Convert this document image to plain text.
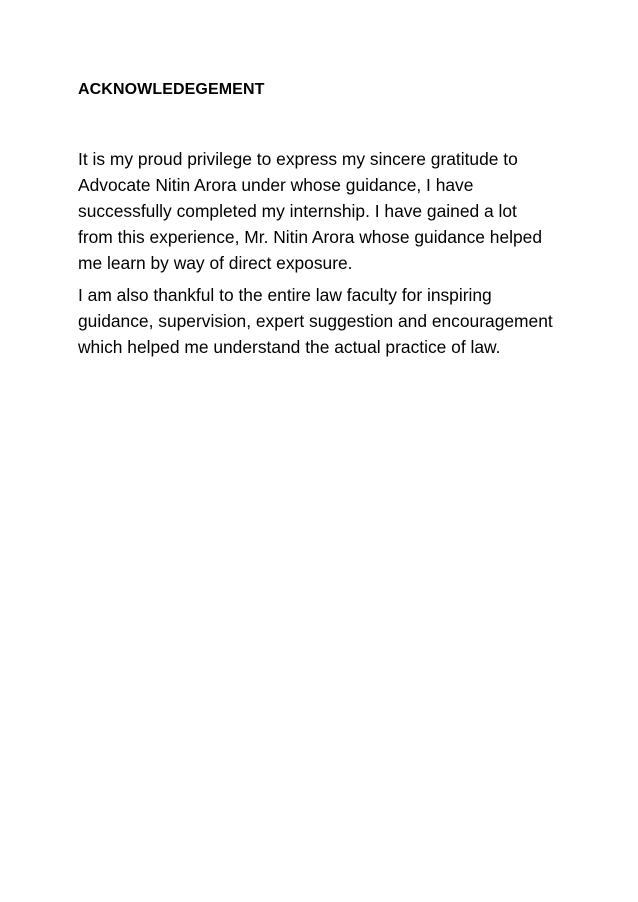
ACKNOWLEDEGEMENT

It is my proud privilege to express my sincere gratitude to
Advocate Nitin Arora under whose guidance, I have
successfully completed my internship. I have gained a lot
from this experience, Mr. Nitin Arora whose guidance helped
me learn by way of direct exposure.

I am also thankful to the entire law faculty for inspiring
guidance, supervision, expert suggestion and encouragement
which helped me understand the actual practice of law.
